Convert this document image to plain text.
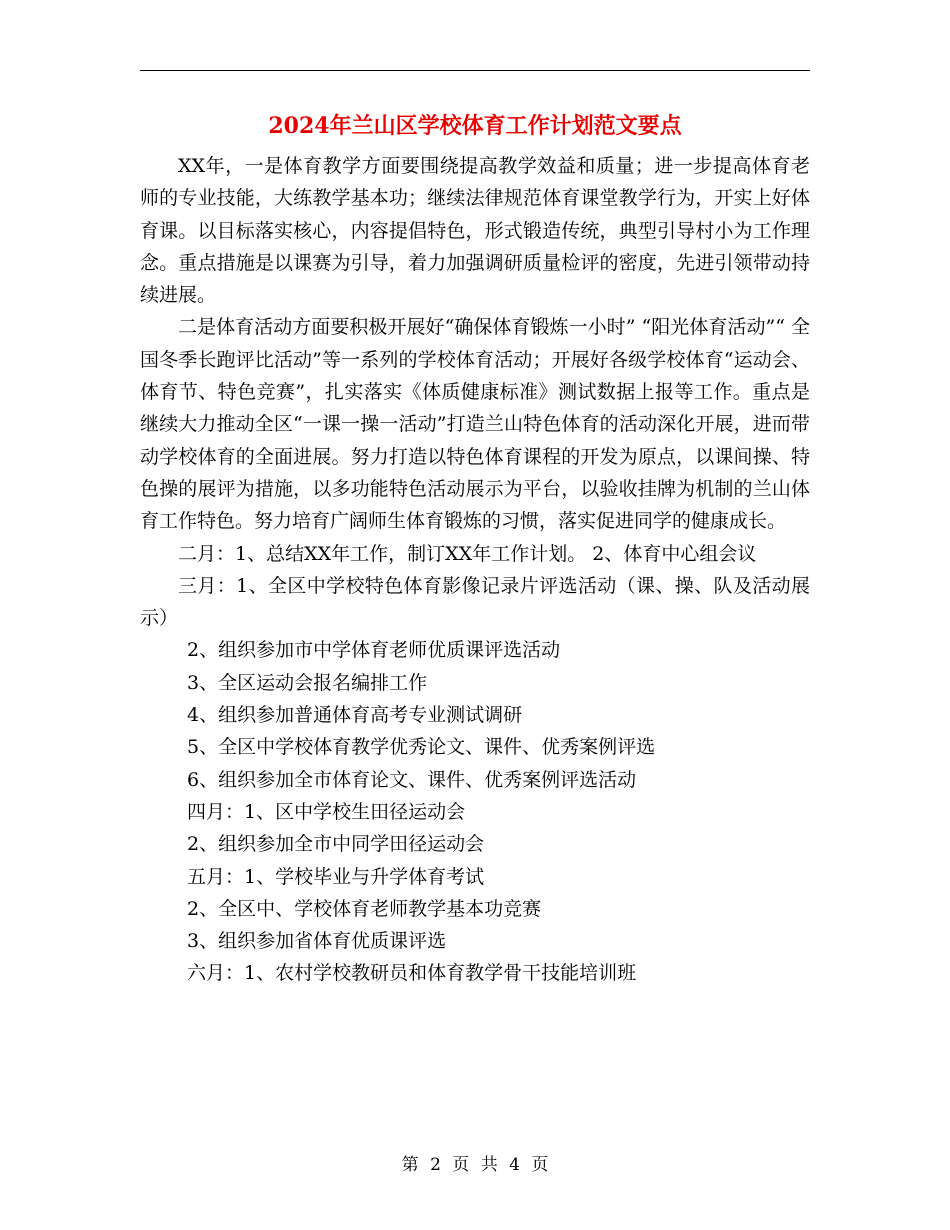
2024年兰山区学校体育工作计划范文要点

XX年，一是体育教学方面要围绕提高教学效益和质量；进一步提高体育老师的专业技能，大练教学基本功；继续法律规范体育课堂教学行为，开实上好体育课。以目标落实核心，内容提倡特色，形式锻造传统，典型引导村小为工作理念。重点措施是以课赛为引导，着力加强调研质量检评的密度，先进引领带动持续进展。

二是体育活动方面要积极开展好“确保体育锻炼一小时” “阳光体育活动”“ 全国冬季长跑评比活动”等一系列的学校体育活动；开展好各级学校体育“运动会、体育节、特色竞赛”，扎实落实《体质健康标准》测试数据上报等工作。重点是继续大力推动全区“一课一操一活动”打造兰山特色体育的活动深化开展，进而带动学校体育的全面进展。努力打造以特色体育课程的开发为原点，以课间操、特色操的展评为措施，以多功能特色活动展示为平台，以验收挂牌为机制的兰山体育工作特色。努力培育广阔师生体育锻炼的习惯，落实促进同学的健康成长。

二月：1、总结XX年工作，制订XX年工作计划。 2、体育中心组会议

三月：1、全区中学校特色体育影像记录片评选活动（课、操、队及活动展示）

2、组织参加市中学体育老师优质课评选活动

3、全区运动会报名编排工作

4、组织参加普通体育高考专业测试调研

5、全区中学校体育教学优秀论文、课件、优秀案例评选

6、组织参加全市体育论文、课件、优秀案例评选活动

四月：1、区中学校生田径运动会

2、组织参加全市中同学田径运动会

五月：1、学校毕业与升学体育考试

2、全区中、学校体育老师教学基本功竞赛

3、组织参加省体育优质课评选

六月：1、农村学校教研员和体育教学骨干技能培训班

第 2 页 共 4 页
